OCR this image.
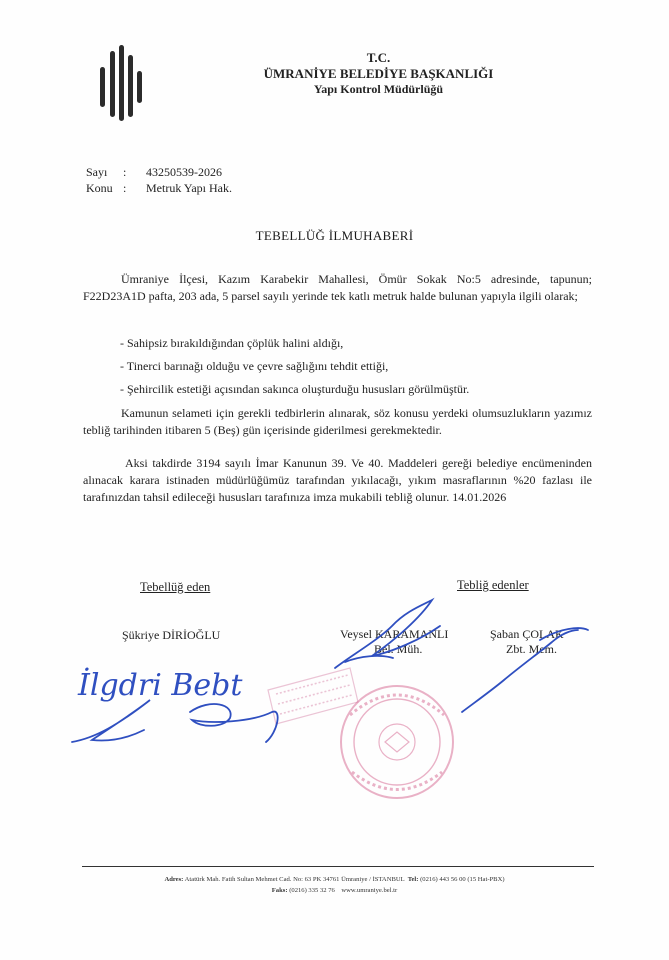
T.C.
ÜMRANİYE BELEDİYE BAŞKANLIĞI
Yapı Kontrol Müdürlüğü
Sayı : 43250539-2026
Konu : Metruk Yapı Hak.
TEBELLÜĞ İLMUHABERİ
Ümraniye İlçesi, Kazım Karabekir Mahallesi, Ömür Sokak No:5 adresinde, tapunun; F22D23A1D pafta, 203 ada, 5 parsel sayılı yerinde tek katlı metruk halde bulunan yapıyla ilgili olarak;
- Sahipsiz bırakıldığından çöplük halini aldığı,
- Tinerci barınağı olduğu ve çevre sağlığını tehdit ettiği,
- Şehircilik estetiği açısından sakınca oluşturduğu hususları görülmüştür.
Kamunun selameti için gerekli tedbirlerin alınarak, söz konusu yerdeki olumsuzlukların yazımız tebliğ tarihinden itibaren 5 (Beş) gün içerisinde giderilmesi gerekmektedir.
Aksi takdirde 3194 sayılı İmar Kanunun 39. Ve 40. Maddeleri gereği belediye encümeninden alınacak karara istinaden müdürlüğümüz tarafından yıkılacağı, yıkım masraflarının %20 fazlası ile tarafınızdan tahsil edileceği hususları tarafınıza imza mukabili tebliğ olunur. 14.01.2026
Tebellüğ eden	Tebliğ edenler
Şükriye DİRİOĞLU	Veysel KARAMANLI
Bel. Müh.
Şaban ÇOLAK
Zbt. Mem.
İlgdri Bebt
Adres: Atatürk Mah. Fatih Sultan Mehmet Cad. No: 63 PK 34761 Ümraniye / İSTANBUL Tel: (0216) 443 56 00 (15 Hat-PBX)
Faks: (0216) 335 32 76 www.umraniye.bel.tr
